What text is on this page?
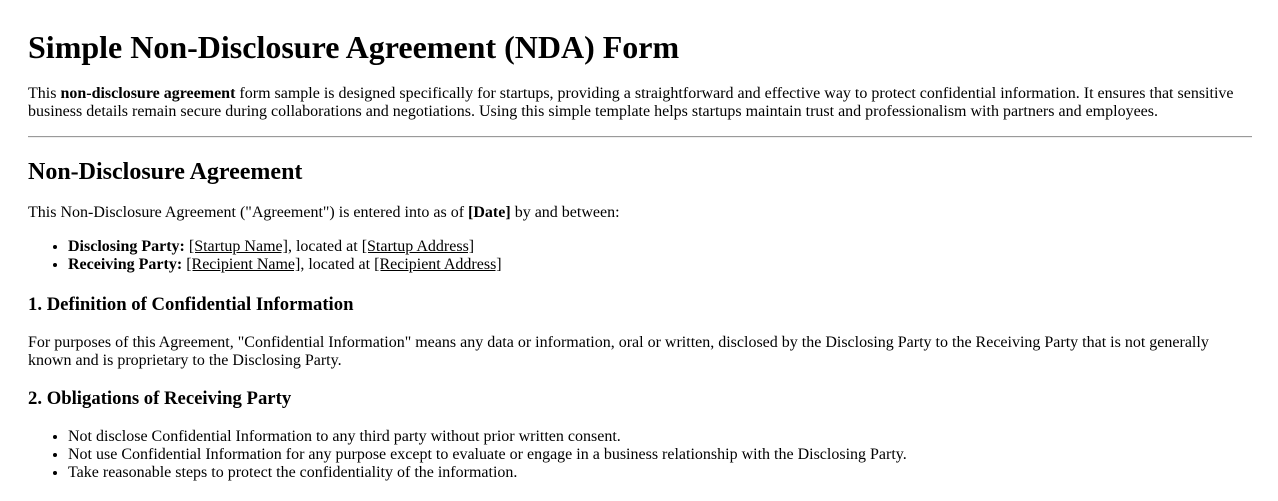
Simple Non-Disclosure Agreement (NDA) Form

This non-disclosure agreement form sample is designed specifically for startups, providing a straightforward and effective way to protect confidential information. It ensures that sensitive business details remain secure during collaborations and negotiations. Using this simple template helps startups maintain trust and professionalism with partners and employees.

Non-Disclosure Agreement

This Non-Disclosure Agreement ("Agreement") is entered into as of [Date] by and between:

• Disclosing Party: [Startup Name], located at [Startup Address]
• Receiving Party: [Recipient Name], located at [Recipient Address]
1. Definition of Confidential Information

For purposes of this Agreement, "Confidential Information" means any data or information, oral or written, disclosed by the Disclosing Party to the Receiving Party that is not generally known and is proprietary to the Disclosing Party.

2. Obligations of Receiving Party
• Not disclose Confidential Information to any third party without prior written consent.
• Not use Confidential Information for any purpose except to evaluate or engage in a business relationship with the Disclosing Party.
• Take reasonable steps to protect the confidentiality of the information.
